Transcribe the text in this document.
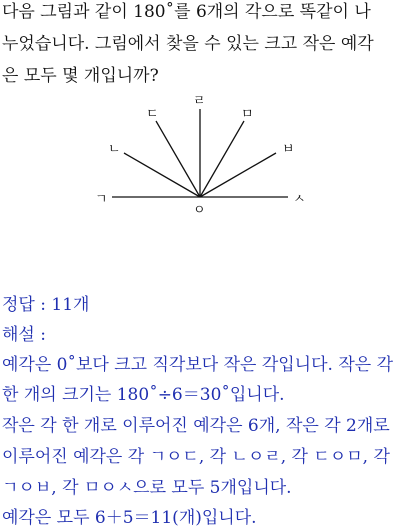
다음 그림과 같이 180˚를 6개의 각으로 똑같이 나
누었습니다. 그림에서 찾을 수 있는 크고 작은 예각
은 모두 몇 개입니까?
ㄱ
ㄴ
ㄷ
ㄹ
ㅁ
ㅂ
ㅅ
ㅇ
정답 : 11개
해설 :
예각은 0˚보다 크고 직각보다 작은 각입니다. 작은 각
한 개의 크기는 180˚÷6＝30˚입니다.
작은 각 한 개로 이루어진 예각은 6개, 작은 각 2개로
이루어진 예각은 각 ㄱㅇㄷ, 각 ㄴㅇㄹ, 각 ㄷㅇㅁ, 각
ㄱㅇㅂ, 각 ㅁㅇㅅ으로 모두 5개입니다.
예각은 모두 6＋5＝11(개)입니다.
